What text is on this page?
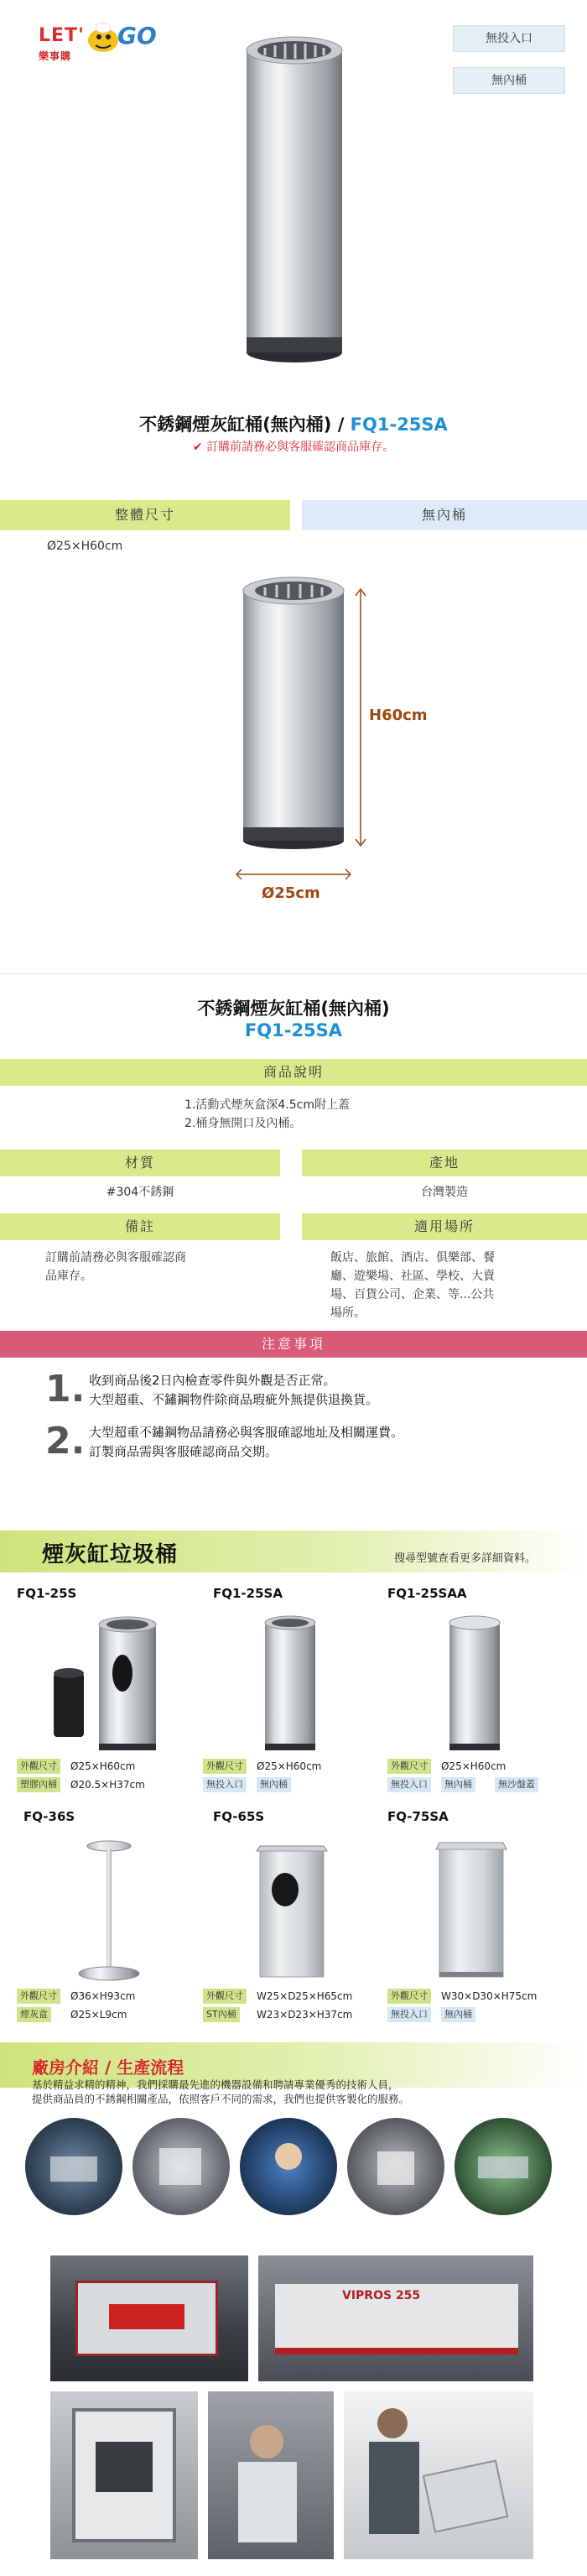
LET' GO
樂事購
無投入口
無內桶
不銹鋼煙灰缸桶(無內桶) / FQ1-25SA
✔ 訂購前請務必與客服確認商品庫存。
整體尺寸	無內桶
Ø25×H60cm
H60cm
Ø25cm
不銹鋼煙灰缸桶(無內桶)
FQ1-25SA
商品說明
1.活動式煙灰盒深4.5cm附上蓋
2.桶身無開口及內桶。
材質	產地
#304不銹鋼	台灣製造
備註	適用場所
訂購前請務必與客服確認商
品庫存。
飯店、旅館、酒店、俱樂部、餐
廳、遊樂場、社區、學校、大賣
場、百貨公司、企業、等...公共
場所。
注意事項
1. 收到商品後2日內檢查零件與外觀是否正常。
大型超重、不鏽鋼物件除商品瑕疵外無提供退換貨。
2. 大型超重不鏽鋼物品請務必與客服確認地址及相關運費。
訂製商品需與客服確認商品交期。
煙灰缸垃圾桶	搜尋型號查看更多詳細資料。
FQ1-25S	FQ1-25SA	FQ1-25SAA
外觀尺寸	Ø25×H60cm
塑膠內桶	Ø20.5×H37cm
外觀尺寸	Ø25×H60cm
無投入口	無內桶
外觀尺寸	Ø25×H60cm
無投入口	無內桶	無沙盤蓋
FQ-36S	FQ-65S	FQ-75SA
外觀尺寸	Ø36×H93cm
煙灰盒	Ø25×L9cm
外觀尺寸	W25×D25×H65cm
ST內桶	W23×D23×H37cm
外觀尺寸	W30×D30×H75cm
無投入口	無內桶
廠房介紹 / 生產流程
基於精益求精的精神，我們採購最先進的機器設備和聘請專業優秀的技術人員，
提供商品員的不銹鋼相關產品，依照客戶不同的需求，我們也提供客製化的服務。
VIPROS 255
